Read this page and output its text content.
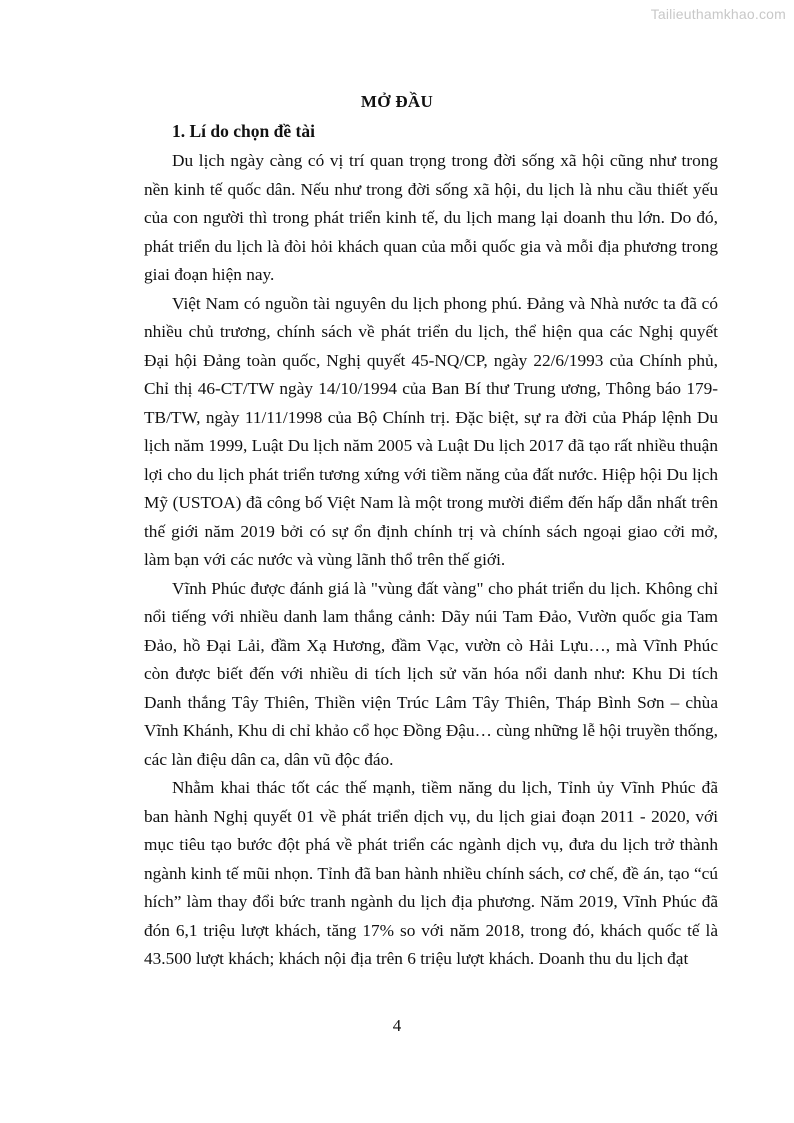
Tailieuthamkhao.com
MỞ ĐẦU
1. Lí do chọn đề tài

Du lịch ngày càng có vị trí quan trọng trong đời sống xã hội cũng như trong nền kinh tế quốc dân. Nếu như trong đời sống xã hội, du lịch là nhu cầu thiết yếu của con người thì trong phát triển kinh tế, du lịch mang lại doanh thu lớn. Do đó, phát triển du lịch là đòi hỏi khách quan của mỗi quốc gia và mỗi địa phương trong giai đoạn hiện nay.

Việt Nam có nguồn tài nguyên du lịch phong phú. Đảng và Nhà nước ta đã có nhiều chủ trương, chính sách về phát triển du lịch, thể hiện qua các Nghị quyết Đại hội Đảng toàn quốc, Nghị quyết 45-NQ/CP, ngày 22/6/1993 của Chính phủ, Chỉ thị 46-CT/TW ngày 14/10/1994 của Ban Bí thư Trung ương, Thông báo 179-TB/TW, ngày 11/11/1998 của Bộ Chính trị. Đặc biệt, sự ra đời của Pháp lệnh Du lịch năm 1999, Luật Du lịch năm 2005 và Luật Du lịch 2017 đã tạo rất nhiều thuận lợi cho du lịch phát triển tương xứng với tiềm năng của đất nước. Hiệp hội Du lịch Mỹ (USTOA) đã công bố Việt Nam là một trong mười điểm đến hấp dẫn nhất trên thế giới năm 2019 bởi có sự ổn định chính trị và chính sách ngoại giao cởi mở, làm bạn với các nước và vùng lãnh thổ trên thế giới.

Vĩnh Phúc được đánh giá là "vùng đất vàng" cho phát triển du lịch. Không chỉ nổi tiếng với nhiều danh lam thắng cảnh: Dãy núi Tam Đảo, Vườn quốc gia Tam Đảo, hồ Đại Lải, đầm Xạ Hương, đầm Vạc, vườn cò Hải Lựu…, mà Vĩnh Phúc còn được biết đến với nhiều di tích lịch sử văn hóa nổi danh như: Khu Di tích Danh thắng Tây Thiên, Thiền viện Trúc Lâm Tây Thiên, Tháp Bình Sơn – chùa Vĩnh Khánh, Khu di chỉ khảo cổ học Đồng Đậu… cùng những lễ hội truyền thống, các làn điệu dân ca, dân vũ độc đáo.

Nhằm khai thác tốt các thế mạnh, tiềm năng du lịch, Tỉnh ủy Vĩnh Phúc đã ban hành Nghị quyết 01 về phát triển dịch vụ, du lịch giai đoạn 2011 - 2020, với mục tiêu tạo bước đột phá về phát triển các ngành dịch vụ, đưa du lịch trở thành ngành kinh tế mũi nhọn. Tỉnh đã ban hành nhiều chính sách, cơ chế, đề án, tạo “cú hích” làm thay đổi bức tranh ngành du lịch địa phương. Năm 2019, Vĩnh Phúc đã đón 6,1 triệu lượt khách, tăng 17% so với năm 2018, trong đó, khách quốc tế là 43.500 lượt khách; khách nội địa trên 6 triệu lượt khách. Doanh thu du lịch đạt

4
